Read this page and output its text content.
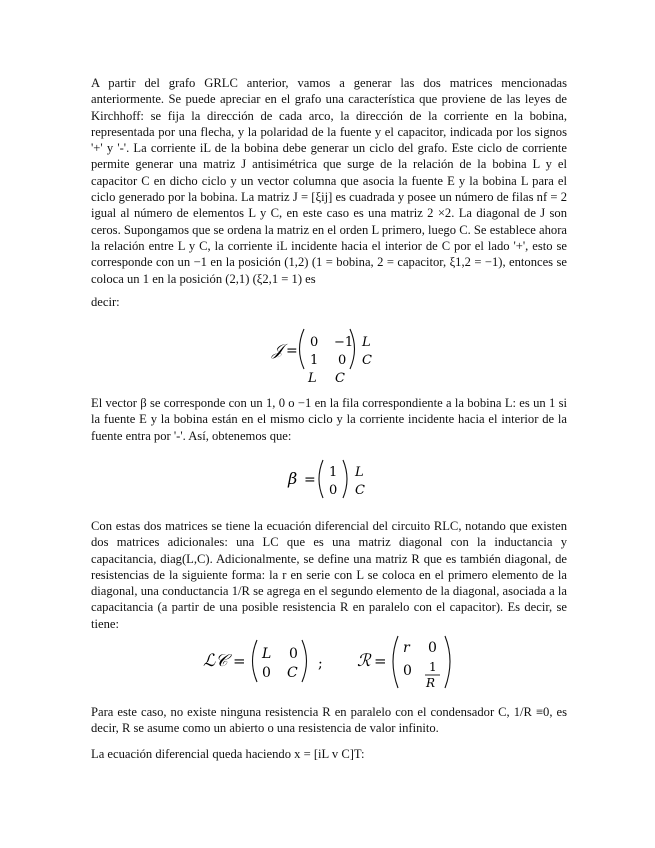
A partir del grafo GRLC anterior, vamos a generar las dos matrices mencionadas anteriormente. Se puede apreciar en el grafo una característica que proviene de las leyes de Kirchhoff: se fija la dirección de cada arco, la dirección de la corriente en la bobina, representada por una flecha, y la polaridad de la fuente y el capacitor, indicada por los signos '+' y '-'. La corriente iL de la bobina debe generar un ciclo del grafo. Este ciclo de corriente permite generar una matriz J antisimétrica que surge de la relación de la bobina L y el capacitor C en dicho ciclo y un vector columna que asocia la fuente E y la bobina L para el ciclo generado por la bobina. La matriz J = [ξij] es cuadrada y posee un número de filas nf = 2 igual al número de elementos L y C, en este caso es una matriz 2 ×2. La diagonal de J son ceros. Supongamos que se ordena la matriz en el orden L primero, luego C. Se establece ahora la relación entre L y C, la corriente iL incidente hacia el interior de C por el lado '+', esto se corresponde con un −1 en la posición (1,2) (1 = bobina, 2 = capacitor, ξ1,2 = −1), entonces se coloca un 1 en la posición (2,1) (ξ2,1 = 1) es

decir:

𝒥 =
0 −1
1 0
L
C
L C

El vector β se corresponde con un 1, 0 o −1 en la fila correspondiente a la bobina L: es un 1 si la fuente E y la bobina están en el mismo ciclo y la corriente incidente hacia el interior de la fuente entra por '-'. Así, obtenemos que:

β = 1
0
L
C

Con estas dos matrices se tiene la ecuación diferencial del circuito RLC, notando que existen dos matrices adicionales: una LC que es una matriz diagonal con la inductancia y capacitancia, diag(L,C). Adicionalmente, se define una matriz R que es también diagonal, de resistencias de la siguiente forma: la r en serie con L se coloca en el primero elemento de la diagonal, una conductancia 1/R se agrega en el segundo elemento de la diagonal, asociada a la capacitancia (a partir de una posible resistencia R en paralelo con el capacitor). Es decir, se tiene:

ℒ𝒞 = L 0
0 C
; ℛ =
r 0
0 1
R

Para este caso, no existe ninguna resistencia R en paralelo con el condensador C, 1/R ≡0, es decir, R se asume como un abierto o una resistencia de valor infinito.

La ecuación diferencial queda haciendo x = [iL v C]T:
